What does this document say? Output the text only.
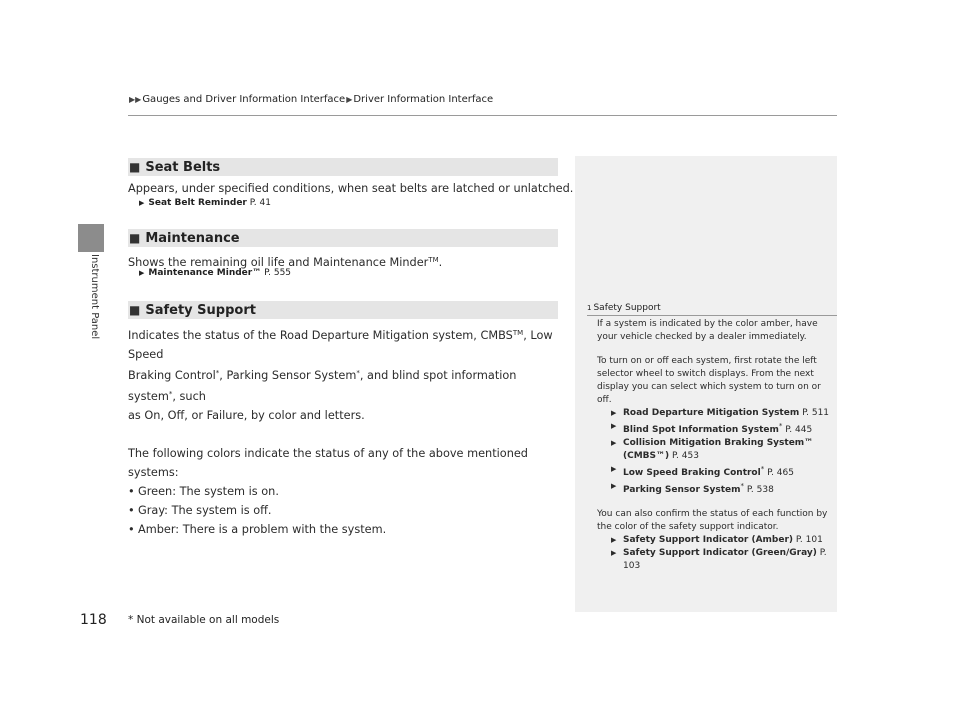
▶▶ Gauges and Driver Information Interface ▶ Driver Information Interface
Instrument Panel
■ Seat Belts
Appears, under specified conditions, when seat belts are latched or unlatched.
▶ Seat Belt Reminder
P. 41
■ Maintenance
Shows the remaining oil life and Maintenance Minder™.
▶ Maintenance Minder™
P. 555
■ Safety Support
Indicates the status of the Road Departure Mitigation system, CMBS™, Low Speed
Braking Control*, Parking Sensor System*, and blind spot information system*, such
as On, Off, or Failure, by color and letters.
The following colors indicate the status of any of the above mentioned systems:
• Green: The system is on.
• Gray: The system is off.
• Amber: There is a problem with the system.
1 Safety Support

If a system is indicated by the color amber, have your vehicle checked by a dealer immediately.

To turn on or off each system, first rotate the left selector wheel to switch displays. From the next display you can select which system to turn on or off.

▶ Road Departure Mitigation System P. 511
▶ Blind Spot Information System* P. 445
▶ Collision Mitigation Braking System™ (CMBS™) P. 453
▶ Low Speed Braking Control* P. 465
▶ Parking Sensor System* P. 538

You can also confirm the status of each function by the color of the safety support indicator.

▶ Safety Support Indicator (Amber) P. 101
▶ Safety Support Indicator (Green/Gray) P. 103
118 * Not available on all models
